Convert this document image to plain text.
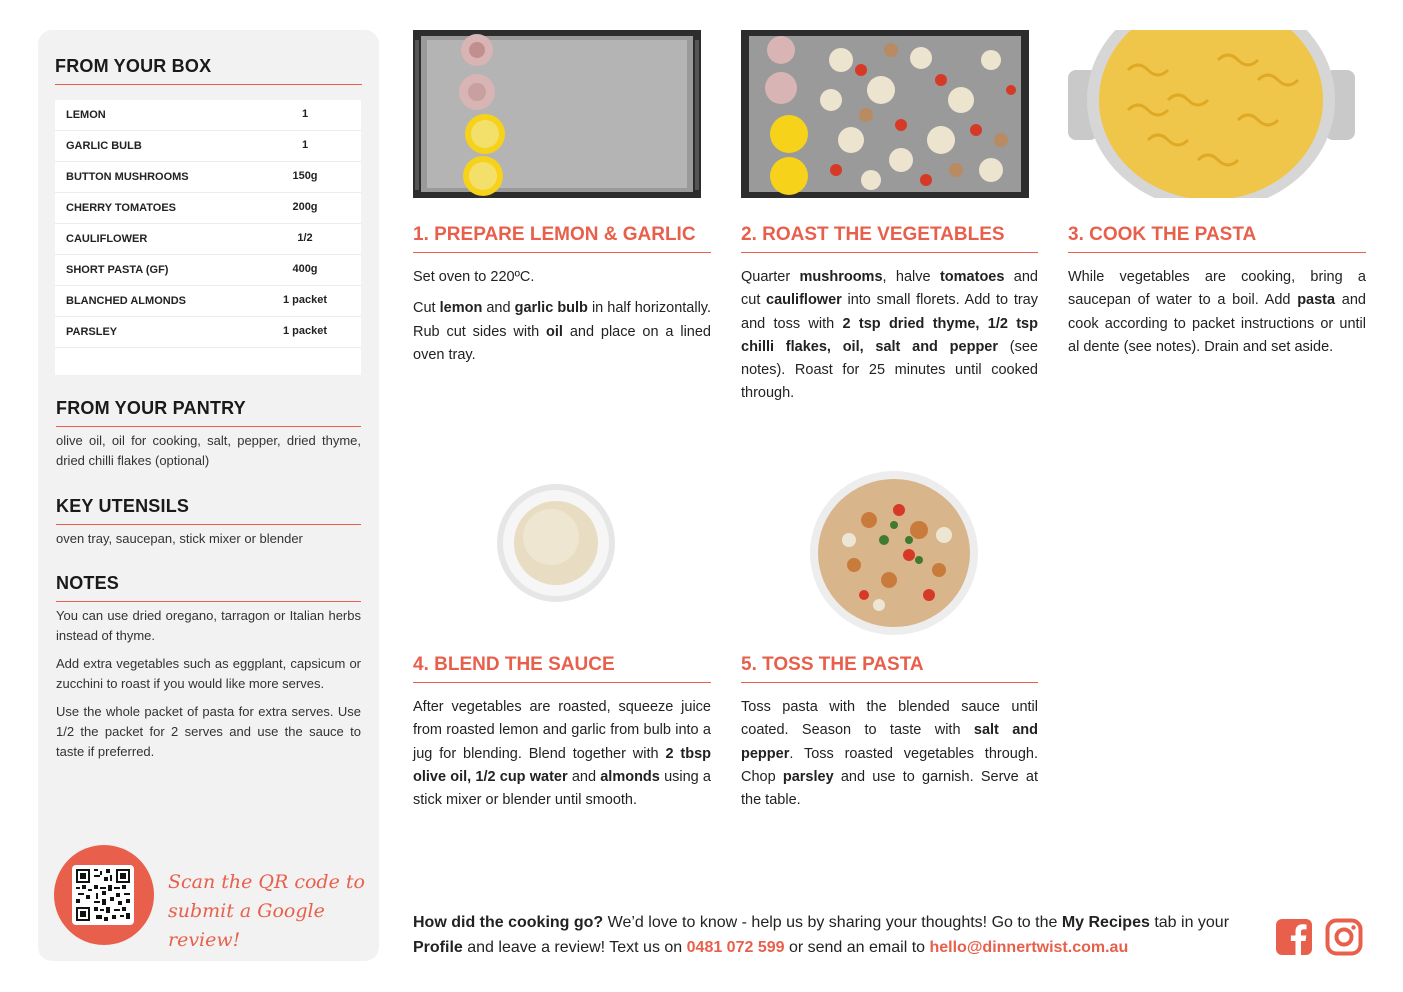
FROM YOUR BOX
LEMON	1
GARLIC BULB	1
BUTTON MUSHROOMS	150g
CHERRY TOMATOES	200g
CAULIFLOWER	1/2
SHORT PASTA (GF)	400g
BLANCHED ALMONDS	1 packet
PARSLEY	1 packet
FROM YOUR PANTRY
olive oil, oil for cooking, salt, pepper, dried thyme, dried chilli flakes (optional)
KEY UTENSILS
oven tray, saucepan, stick mixer or blender
NOTES

You can use dried oregano, tarragon or Italian herbs instead of thyme.

Add extra vegetables such as eggplant, capsicum or zucchini to roast if you would like more serves.

Use the whole packet of pasta for extra serves. Use 1/2 the packet for 2 serves and use the sauce to taste if preferred.

Scan the QR code to
submit a Google review!
1. PREPARE LEMON & GARLIC

Set oven to 220ºC.

Cut lemon and garlic bulb in half horizontally. Rub cut sides with oil and place on a lined oven tray.

2. ROAST THE VEGETABLES

Quarter mushrooms, halve tomatoes and cut cauliflower into small florets. Add to tray and toss with 2 tsp dried thyme, 1/2 tsp chilli flakes, oil, salt and pepper (see notes). Roast for 25 minutes until cooked through.

3. COOK THE PASTA

While vegetables are cooking, bring a saucepan of water to a boil. Add pasta and cook according to packet instructions or until al dente (see notes). Drain and set aside.

4. BLEND THE SAUCE

After vegetables are roasted, squeeze juice from roasted lemon and garlic from bulb into a jug for blending. Blend together with 2 tbsp olive oil, 1/2 cup water and almonds using a stick mixer or blender until smooth.

5. TOSS THE PASTA

Toss pasta with the blended sauce until coated. Season to taste with salt and pepper. Toss roasted vegetables through. Chop parsley and use to garnish. Serve at the table.

How did the cooking go? We’d love to know - help us by sharing your thoughts! Go to the My Recipes tab in your Profile and leave a review! Text us on 0481 072 599 or send an email to hello@dinnertwist.com.au
